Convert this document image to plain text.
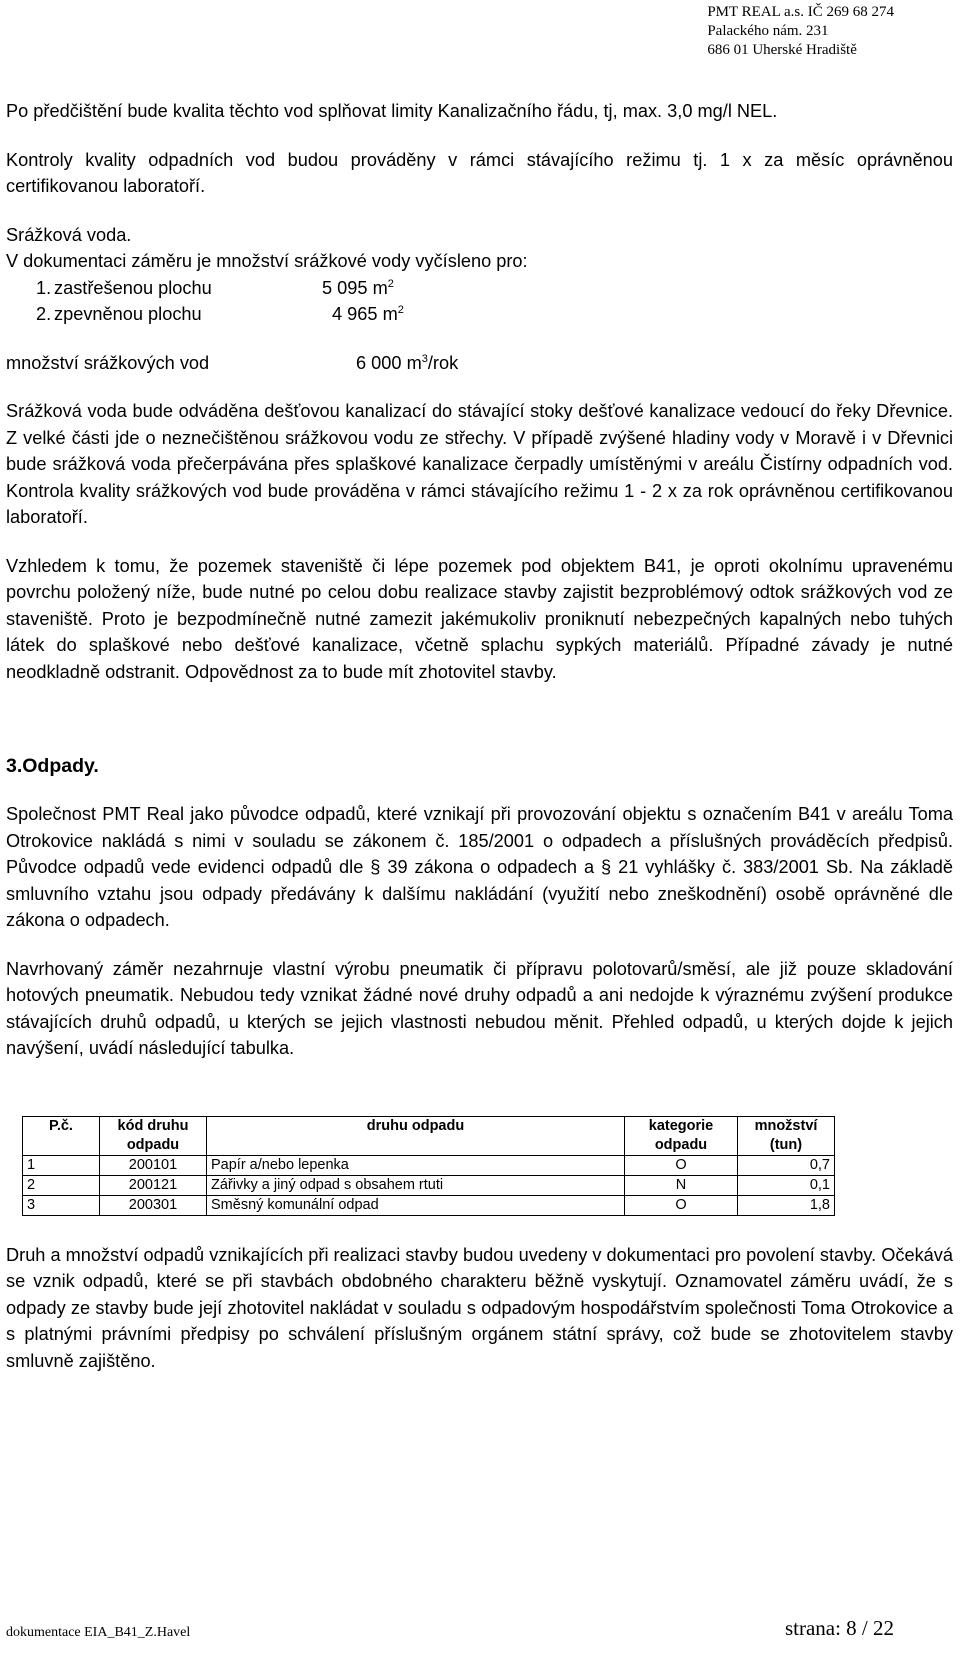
PMT REAL a.s. IČ 269 68 274
Palackého nám. 231
686 01 Uherské Hradiště

Po předčištění bude kvalita těchto vod splňovat limity Kanalizačního řádu, tj, max. 3,0 mg/l NEL.

Kontroly kvality odpadních vod budou prováděny v rámci stávajícího režimu tj. 1 x za měsíc oprávněnou certifikovanou laboratoří.

Srážková voda.

V dokumentaci záměru je množství srážkové vody vyčísleno pro:

1. zastřešenou plochu	5 095 $m^2$
2. zpevněnou plochu	4 965 $m^2$
množství srážkových vod	6 000 $m^3$/rok

Srážková voda bude odváděna dešťovou kanalizací do stávající stoky dešťové kanalizace vedoucí do řeky Dřevnice. Z velké části jde o neznečištěnou srážkovou vodu ze střechy. V případě zvýšené hladiny vody v Moravě i v Dřevnici bude srážková voda přečerpávána přes splaškové kanalizace čerpadly umístěnými v areálu Čistírny odpadních vod. Kontrola kvality srážkových vod bude prováděna v rámci stávajícího režimu 1 - 2 x za rok oprávněnou certifikovanou laboratoří.

Vzhledem k tomu, že pozemek staveniště či lépe pozemek pod objektem B41, je oproti okolnímu upravenému povrchu položený níže, bude nutné po celou dobu realizace stavby zajistit bezproblémový odtok srážkových vod ze staveniště. Proto je bezpodmínečně nutné zamezit jakémukoliv proniknutí nebezpečných kapalných nebo tuhých látek do splaškové nebo dešťové kanalizace, včetně splachu sypkých materiálů. Případné závady je nutné neodkladně odstranit. Odpovědnost za to bude mít zhotovitel stavby.

3.Odpady.

Společnost PMT Real jako původce odpadů, které vznikají při provozování objektu s označením B41 v areálu Toma Otrokovice nakládá s nimi v souladu se zákonem č. 185/2001 o odpadech a příslušných prováděcích předpisů. Původce odpadů vede evidenci odpadů dle § 39 zákona o odpadech a § 21 vyhlášky č. 383/2001 Sb. Na základě smluvního vztahu jsou odpady předávány k dalšímu nakládání (využití nebo zneškodnění) osobě oprávněné dle zákona o odpadech.

Navrhovaný záměr nezahrnuje vlastní výrobu pneumatik či přípravu polotovarů/směsí, ale již pouze skladování hotových pneumatik. Nebudou tedy vznikat žádné nové druhy odpadů a ani nedojde k výraznému zvýšení produkce stávajících druhů odpadů, u kterých se jejich vlastnosti nebudou měnit. Přehled odpadů, u kterých dojde k jejich navýšení, uvádí následující tabulka.

P.č.	kód druhu odpadu	druhu odpadu	kategorie odpadu	množství (tun)
1	200101	Papír a/nebo lepenka	O	0,7
2	200121	Zářivky a jiný odpad s obsahem rtuti	N	0,1
3	200301	Směsný komunální odpad	O	1,8

Druh a množství odpadů vznikajících při realizaci stavby budou uvedeny v dokumentaci pro povolení stavby. Očekává se vznik odpadů, které se při stavbách obdobného charakteru běžně vyskytují. Oznamovatel záměru uvádí, že s odpady ze stavby bude její zhotovitel nakládat v souladu s odpadovým hospodářstvím společnosti Toma Otrokovice a s platnými právními předpisy po schválení příslušným orgánem státní správy, což bude se zhotovitelem stavby smluvně zajištěno.

dokumentace EIA_B41_Z.Havel	strana: 8 / 22
